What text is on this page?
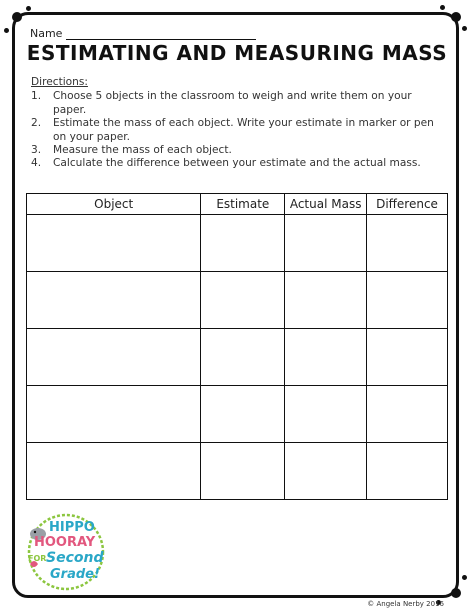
Name
ESTIMATING AND MEASURING MASS
Directions:
1.	Choose 5 objects in the classroom to weigh and write them on your paper.
2.	Estimate the mass of each object. Write your estimate in marker or pen on your paper.
3.	Measure the mass of each object.
4.	Calculate the difference between your estimate and the actual mass.
Object	Estimate	Actual Mass	Difference

HIPPO
HOORAY
FOR Second
Grade!
© Angela Nerby 2016
